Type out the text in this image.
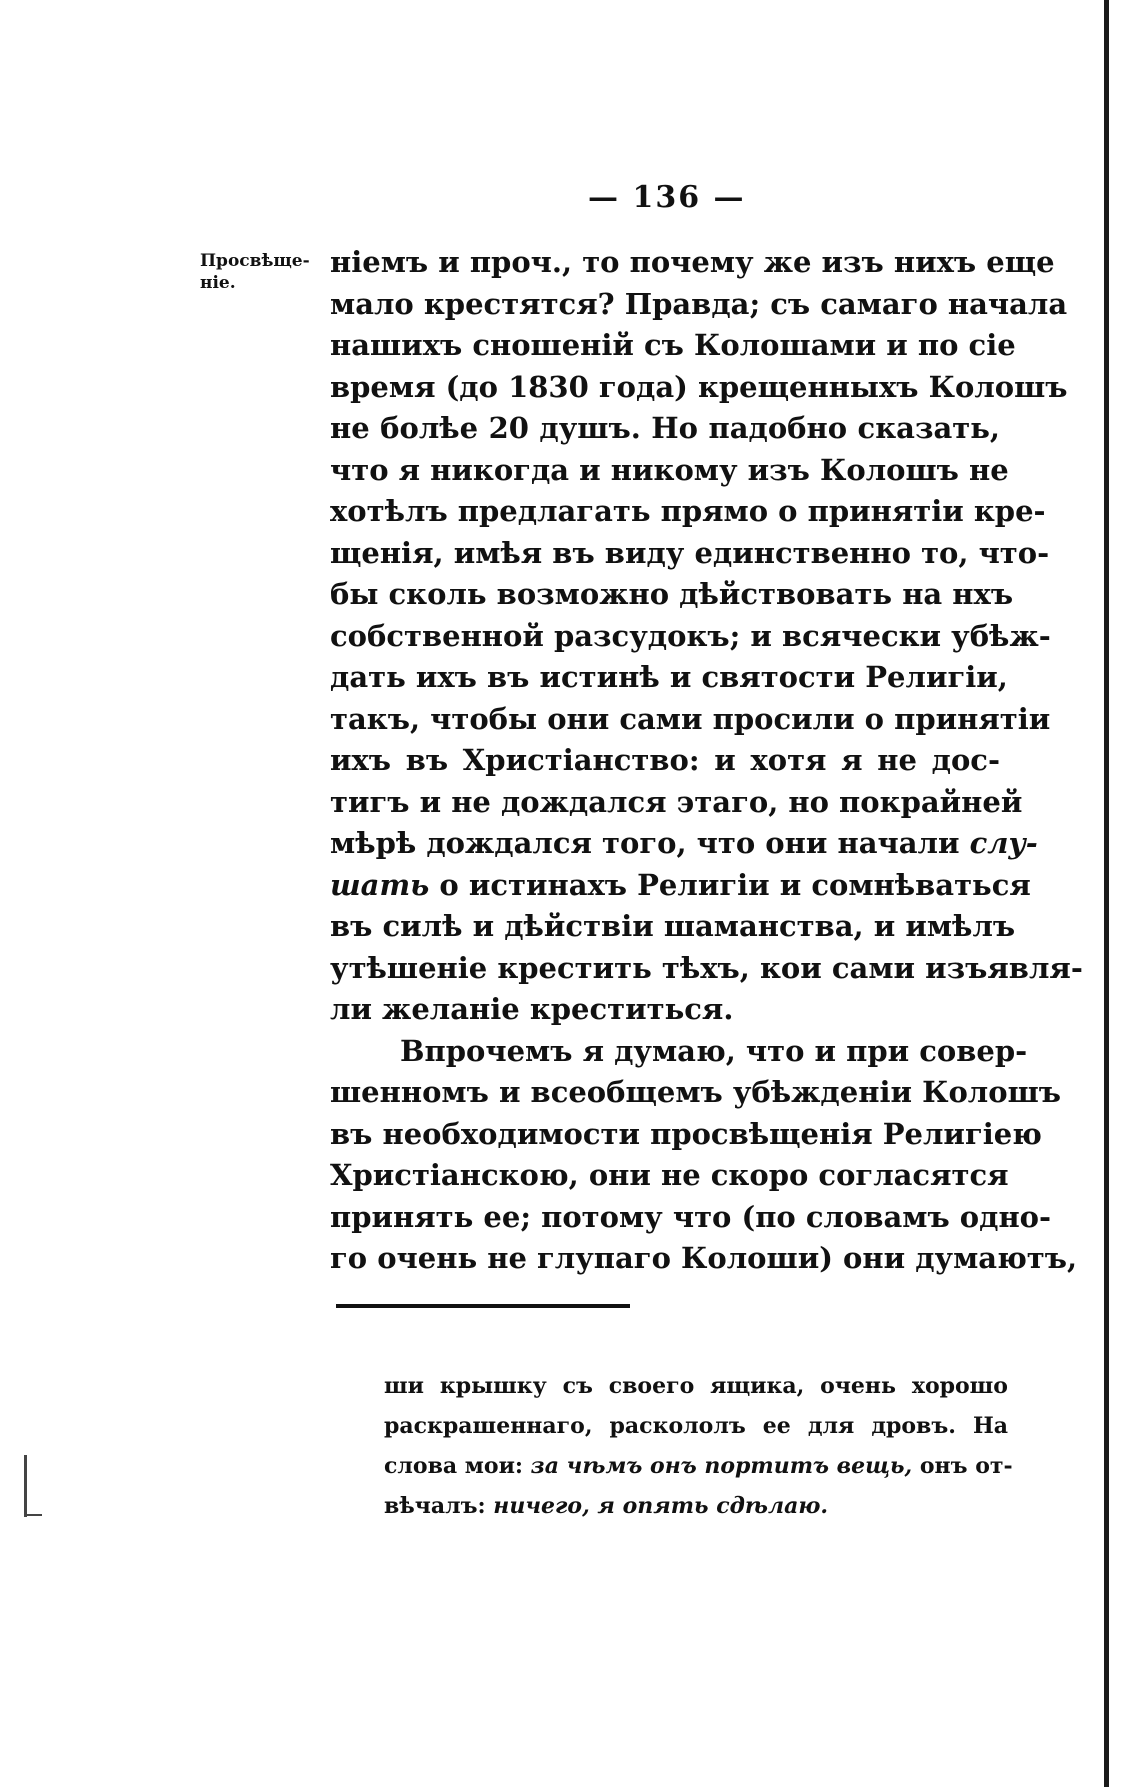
— 136 —
Просвѣще-ніе.
ніемъ и проч., то почему же изъ нихъ еще
мало крестятся? Правда; съ самаго начала
нашихъ сношеній съ Колошами и по сіе
время (до 1830 года) крещенныхъ Колошъ
не болѣе 20 душъ. Но падобно сказать,
что я никогда и никому изъ Колошъ не
хотѣлъ предлагать прямо о принятіи кре-
щенія, имѣя въ виду единственно то, что-
бы сколь возможно дѣйствовать на нхъ
собственной разсудокъ; и всячески убѣж-
дать ихъ въ истинѣ и святости Религіи,
такъ, чтобы они сами просили о принятіи
ихъ въ Христіанство: и хотя я не дос-
тигъ и не дождался этаго, но покрайней
мѣрѣ дождался того, что они начали слу-
шать о истинахъ Религіи и сомнѣваться
въ силѣ и дѣйствіи шаманства, и имѣлъ
утѣшеніе крестить тѣхъ, кои сами изъявля-
ли желаніе креститься.
Впрочемъ я думаю, что и при совер-
шенномъ и всеобщемъ убѣжденіи Колошъ
въ необходимости просвѣщенія Религіею
Христіанскою, они не скоро согласятся
принять ее; потому что (по словамъ одно-
го очень не глупаго Колоши) они думаютъ,
ши крышку съ своего ящика, очень хорошо
раскрашеннаго, раскололъ ее для дровъ. На
слова мои: за чѣмъ онъ портитъ вещь, онъ от-
вѣчалъ: ничего, я опять сдѣлаю.
